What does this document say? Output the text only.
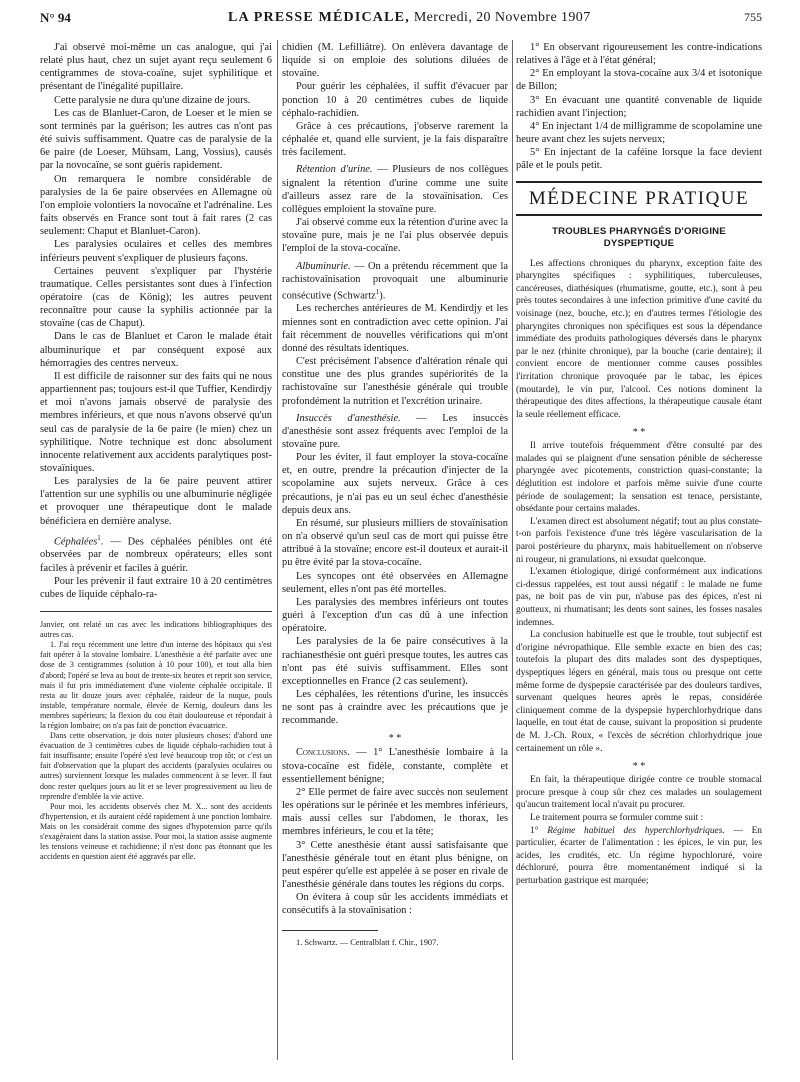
N° 94	LA PRESSE MÉDICALE, Mercredi, 20 Novembre 1907	755

J'ai observé moi-même un cas analogue, qui j'ai relaté plus haut, chez un sujet ayant reçu seulement 6 centigrammes de stova-coaïne, sujet syphilitique et présentant de l'inégalité pupillaire.

Cette paralysie ne dura qu'une dizaine de jours.

Les cas de Blanluet-Caron, de Loeser et le mien se sont terminés par la guérison; les autres cas n'ont pas été suivis suffisamment. Quatre cas de paralysie de la 6e paire (de Loeser, Mühsam, Lang, Vossius), causés par la novocaïne, se sont guéris rapidement.

On remarquera le nombre considérable de paralysies de la 6e paire observées en Allemagne où l'on emploie volontiers la novocaïne et l'adrénaline. Les faits observés en France sont tout à fait rares (2 cas seulement: Chaput et Blanluet-Caron).

Les paralysies oculaires et celles des membres inférieurs peuvent s'expliquer de plusieurs façons.

Certaines peuvent s'expliquer par l'hystérie traumatique. Celles persistantes sont dues à l'infection opératoire (cas de König); les autres peuvent reconnaître pour cause la syphilis actionnée par la stovaïne (cas de Chaput).

Dans le cas de Blanluet et Caron le malade était albuminurique et par conséquent exposé aux hémorragies des centres nerveux.

Il est difficile de raisonner sur des faits qui ne nous appartiennent pas; toujours est-il que Tuffier, Kendirdjy et moi n'avons jamais observé de paralysie des membres inférieurs, et que nous n'avons observé qu'un seul cas de paralysie de la 6e paire (le mien) chez un syphilitique. Notre technique est donc absolument innocente relativement aux accidents paralytiques post-stovaïniques.

Les paralysies de la 6e paire peuvent attirer l'attention sur une syphilis ou une albuminurie négligée et provoquer une thérapeutique dont le malade bénéficiera en dernière analyse.

Céphalées$^1$. — Des céphalées pénibles ont été observées par de nombreux opérateurs; elles sont faciles à prévenir et faciles à guérir.

Pour les prévenir il faut extraire 10 à 20 centimètres cubes de liquide céphalo-ra-

Janvier, ont relaté un cas avec les indications bibliographiques des autres cas.

1. J'ai reçu récemment une lettre d'un interne des hôpitaux qui s'est fait opérer à la stovaïne lombaire. L'anesthésie a été parfaite avec une dose de 3 centigrammes (solution à 10 pour 100), et tout alla bien d'abord; l'opéré se leva au bout de trente-six heures et reprit son service, mais il fut pris immédiatement d'une violente céphalée occipitale. Il resta au lit douze jours avec céphalée, raideur de la nuque, pouls instable, température normale, élevée de Kernig, douleurs dans les membres supérieurs; la flexion du cou était douloureuse et répondait à la région lombaire; on n'a pas fait de ponction évacuatrice.

Dans cette observation, je dois noter plusieurs choses: d'abord une évacuation de 3 centimètres cubes de liquide céphalo-rachidien tout à fait insuffisante; ensuite l'opéré s'est levé beaucoup trop tôt; or c'est un fait d'observation que la plupart des accidents (paralysies oculaires ou autres) surviennent lorsque les malades commencent à se lever. Il faut donc rester quelques jours au lit et se lever progressivement au lieu de reprendre d'emblée la vie active.

Pour moi, les accidents observés chez M. X... sont des accidents d'hypertension, et ils auraient cédé rapidement à une ponction lombaire. Mais on les considérait comme des signes d'hypotension parce qu'ils s'exagéraient dans la station assise. Pour moi, la station assise augmente les tensions veineuse et rachidienne; il n'est donc pas étonnant que les accidents en question aient été aggravés par elle.

chidien (M. Lefilliâtre). On enlèvera davantage de liquide si on emploie des solutions diluées de stovaïne.

Pour guérir les céphalées, il suffit d'évacuer par ponction 10 à 20 centimètres cubes de liquide céphalo-rachidien.

Grâce à ces précautions, j'observe rarement la céphalée et, quand elle survient, je la fais disparaître très facilement.

Rétention d'urine. — Plusieurs de nos collègues signalent la rétention d'urine comme une suite d'ailleurs assez rare de la stovaïnisation. Ces collègues emploient la stovaïne pure.

J'ai observé comme eux la rétention d'urine avec la stovaïne pure, mais je ne l'ai plus observée depuis l'emploi de la stova-cocaïne.

Albuminurie. — On a prétendu récemment que la rachistovaïnisation provoquait une albuminurie consécutive (Schwartz$^1$).

Les recherches antérieures de M. Kendirdjy et les miennes sont en contradiction avec cette opinion. J'ai fait récemment de nouvelles vérifications qui m'ont donné des résultats identiques.

C'est précisément l'absence d'altération rénale qui constitue une des plus grandes supériorités de la rachistovaïne sur l'anesthésie générale qui trouble profondément la nutrition et l'excrétion urinaire.

Insuccès d'anesthésie. — Les insuccès d'anesthésie sont assez fréquents avec l'emploi de la stovaïne pure.

Pour les éviter, il faut employer la stova-cocaïne et, en outre, prendre la précaution d'injecter de la scopolamine aux sujets nerveux. Grâce à ces précautions, je n'ai pas eu un seul échec d'anesthésie depuis deux ans.

En résumé, sur plusieurs milliers de stovaïnisation on n'a observé qu'un seul cas de mort qui puisse être attribué à la stovaïne; encore est-il douteux et aurait-il pu être évité par la stova-cocaïne.

Les syncopes ont été observées en Allemagne seulement, elles n'ont pas été mortelles.

Les paralysies des membres inférieurs ont toutes guéri à l'exception d'un cas dû à une infection opératoire.

Les paralysies de la 6e paire consécutives à la rachianesthésie ont guéri presque toutes, les autres cas n'ont pas été suivis suffisamment. Elles sont exceptionnelles en France (2 cas seulement).

Les céphalées, les rétentions d'urine, les insuccès ne sont pas à craindre avec les précautions que je recommande.

* *

Conclusions. — 1° L'anesthésie lombaire à la stova-cocaïne est fidèle, constante, complète et essentiellement bénigne;

2° Elle permet de faire avec succès non seulement les opérations sur le périnée et les membres inférieurs, mais aussi celles sur l'abdomen, le thorax, les membres inférieurs, le cou et la tête;

3° Cette anesthésie étant aussi satisfaisante que l'anesthésie générale tout en étant plus bénigne, on peut espérer qu'elle est appelée à se poser en rivale de l'anesthésie générale dans toutes les régions du corps.

On évitera à coup sûr les accidents immédiats et consécutifs à la stovaïnisation :

1. Schwartz. — Centralblatt f. Chir., 1907.

1° En observant rigoureusement les contre-indications relatives à l'âge et à l'état général;

2° En employant la stova-cocaïne aux 3/4 et isotonique de Billon;

3° En évacuant une quantité convenable de liquide rachidien avant l'injection;

4° En injectant 1/4 de milligramme de scopolamine une heure avant chez les sujets nerveux;

5° En injectant de la caféine lorsque la face devient pâle et le pouls petit.

MÉDECINE PRATIQUE
TROUBLES PHARYNGÉS D'ORIGINE
DYSPEPTIQUE

Les affections chroniques du pharynx, exception faite des pharyngites spécifiques : syphilitiques, tuberculeuses, cancéreuses, diathésiques (rhumatisme, goutte, etc.), sont à peu près toutes secondaires à une infection primitive d'une cavité du voisinage (nez, bouche, etc.); en d'autres termes l'étiologie des pharyngites chroniques non spécifiques est sous la dépendance immédiate des produits pathologiques déversés dans le pharynx par le nez (rhinite chronique), par la bouche (carie dentaire); il convient encore de mentionner comme causes possibles l'irritation chronique provoquée par le tabac, les épices (moutarde), le vin pur, l'alcool. Ces notions dominent la thérapeutique des dites affections, la thérapeutique causale étant la seule réellement efficace.

* *

Il arrive toutefois fréquemment d'être consulté par des malades qui se plaignent d'une sensation pénible de sécheresse pharyngée avec picotements, constriction quasi-constante; la déglutition est indolore et parfois même suivie d'une courte période de soulagement; la sensation est tenace, persistante, obsédante pour certains malades.

L'examen direct est absolument négatif; tout au plus constate-t-on parfois l'existence d'une très légère vascularisation de la paroi postérieure du pharynx, mais habituellement on n'observe ni rougeur, ni granulations, ni exsudat quelconque.

L'examen étiologique, dirigé conformément aux indications ci-dessus rappelées, est tout aussi négatif : le malade ne fume pas, ne boit pas de vin pur, n'abuse pas des épices, n'est ni goutteux, ni rhumatisant; les dents sont saines, les fosses nasales indemnes.

La conclusion habituelle est que le trouble, tout subjectif est d'origine névropathique. Elle semble exacte en bien des cas; toutefois la plupart des dits malades sont des dyspeptiques, dyspeptiques légers en général, mais tous ou presque ont cette même forme de dyspepsie caractérisée par des douleurs tardives, survenant quelques heures après le repas, considérée cliniquement comme de la dyspepsie hyperchlorhydrique dans laquelle, en tout état de cause, suivant la proposition si prudente de M. J.-Ch. Roux, « l'excès de sécrétion chlorhydrique joue certainement un rôle ».

* *

En fait, la thérapeutique dirigée contre ce trouble stomacal procure presque à coup sûr chez ces malades un soulagement qu'aucun traitement local n'avait pu procurer.

Le traitement pourra se formuler comme suit :

1° Régime habituel des hyperchlorhydriques. — En particulier, écarter de l'alimentation : les épices, le vin pur, les acides, les crudités, etc. Un régime hypochloruré, voire déchloruré, pourra être momentanément indiqué si la perturbation gastrique est marquée;
